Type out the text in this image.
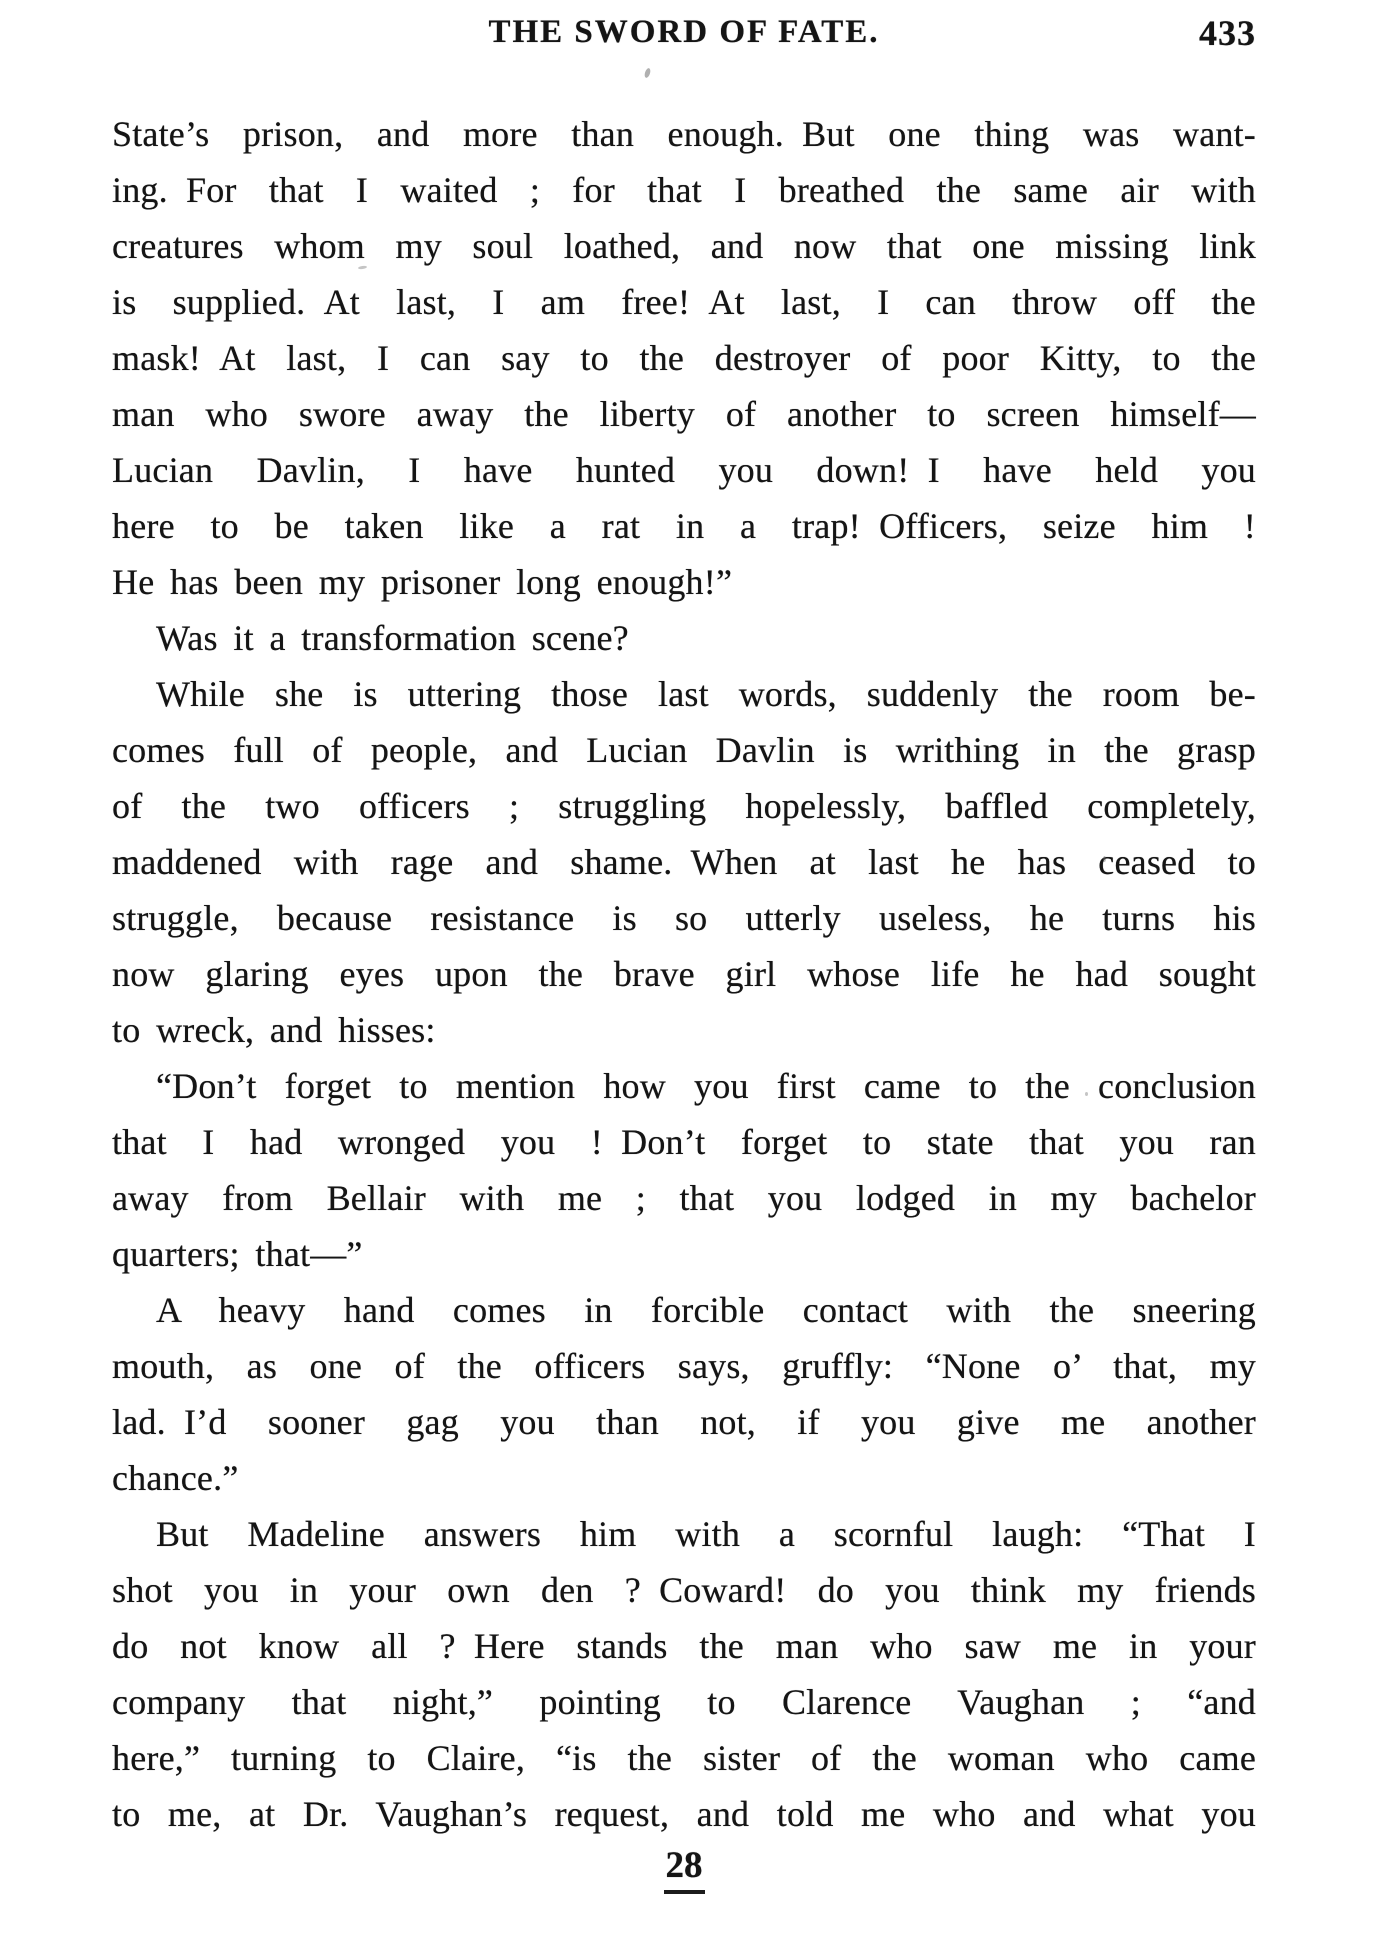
THE SWORD OF FATE.	433
State’s prison, and more than enough. But one thing was want-
ing. For that I waited ; for that I breathed the same air with
creatures whom my soul loathed, and now that one missing link
is supplied. At last, I am free! At last, I can throw off the
mask! At last, I can say to the destroyer of poor Kitty, to the
man who swore away the liberty of another to screen himself—
Lucian Davlin, I have hunted you down! I have held you
here to be taken like a rat in a trap! Officers, seize him !
He has been my prisoner long enough!”
Was it a transformation scene?
While she is uttering those last words, suddenly the room be-
comes full of people, and Lucian Davlin is writhing in the grasp
of the two officers ; struggling hopelessly, baffled completely,
maddened with rage and shame. When at last he has ceased to
struggle, because resistance is so utterly useless, he turns his
now glaring eyes upon the brave girl whose life he had sought
to wreck, and hisses:
“Don’t forget to mention how you first came to the conclusion
that I had wronged you ! Don’t forget to state that you ran
away from Bellair with me ; that you lodged in my bachelor
quarters; that—”
A heavy hand comes in forcible contact with the sneering
mouth, as one of the officers says, gruffly: “None o’ that, my
lad. I’d sooner gag you than not, if you give me another
chance.”
But Madeline answers him with a scornful laugh: “That I
shot you in your own den ? Coward! do you think my friends
do not know all ? Here stands the man who saw me in your
company that night,” pointing to Clarence Vaughan ; “and
here,” turning to Claire, “is the sister of the woman who came
to me, at Dr. Vaughan’s request, and told me who and what you
28
